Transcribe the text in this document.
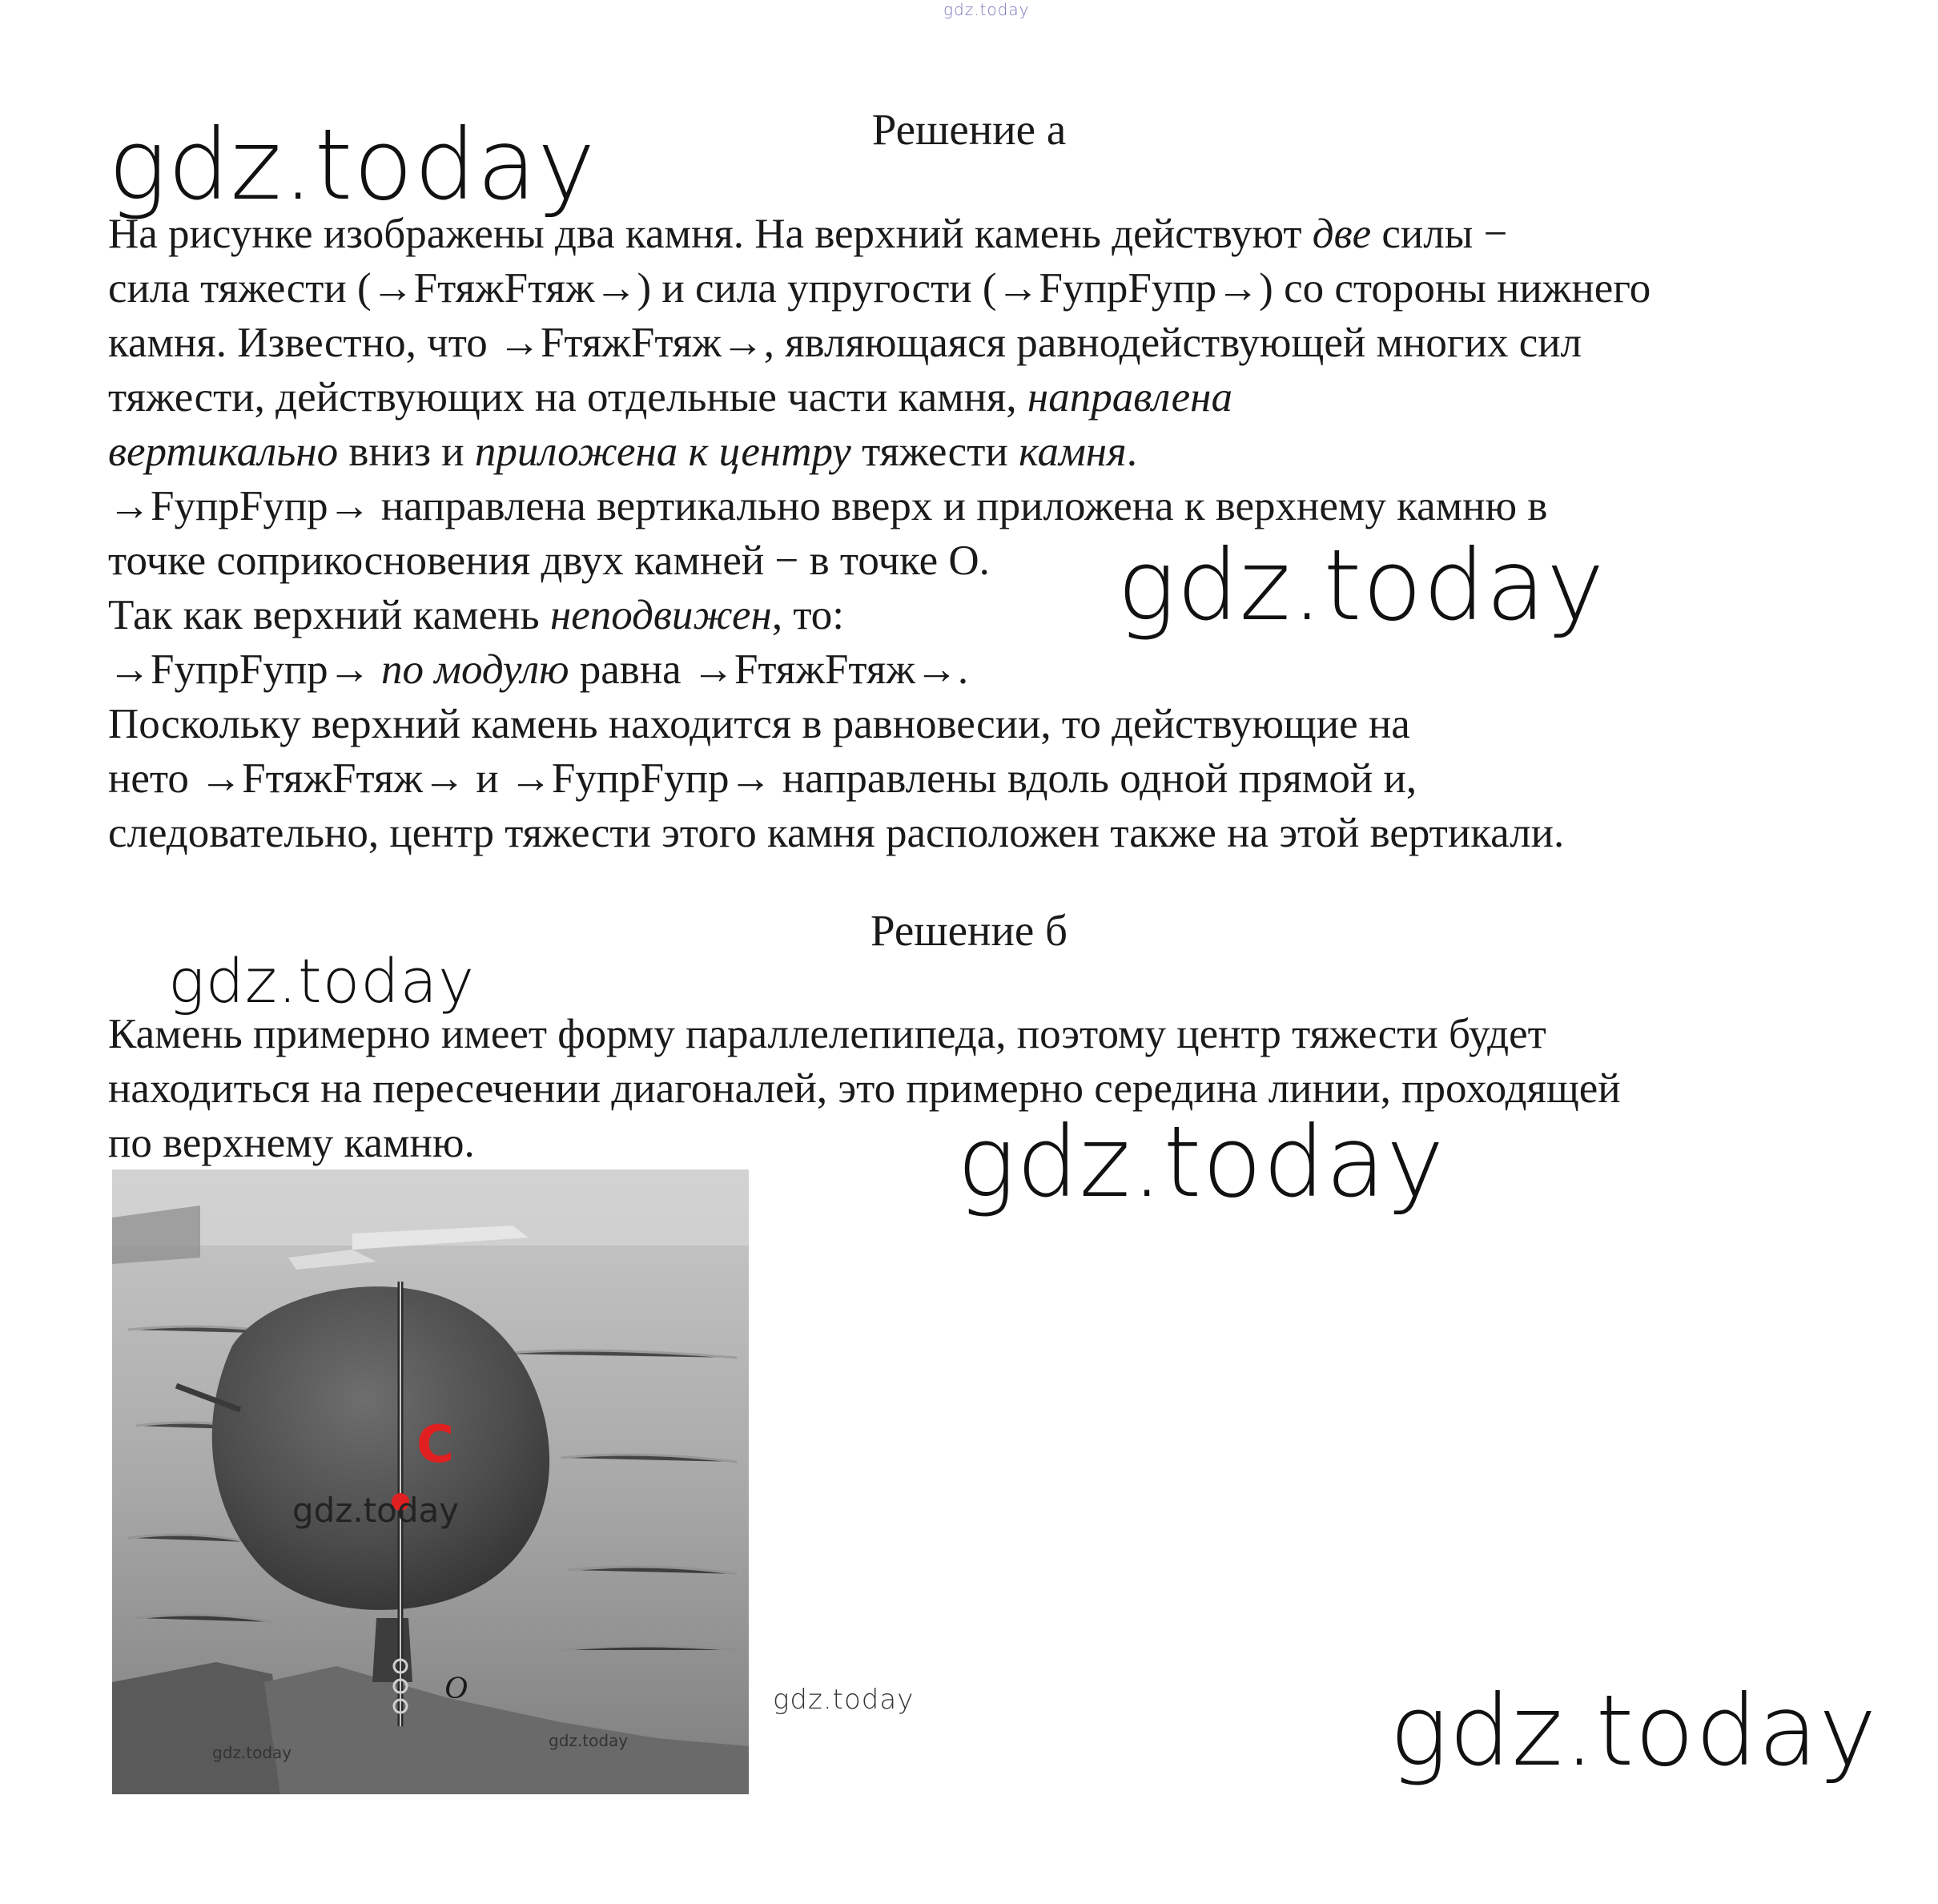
gdz.today
gdz.today
gdz.today
gdz.today
gdz.today
gdz.today
gdz.today
Решение а
На рисунке изображены два камня. На верхний камень действуют две силы −
сила тяжести (→FтяжFтяж→) и сила упругости (→FупрFупр→) со стороны нижнего
камня. Известно, что →FтяжFтяж→, являющаяся равнодействующей многих сил
тяжести, действующих на отдельные части камня, направлена
вертикально вниз и приложена к центру тяжести камня.
→FупрFупр→ направлена вертикально вверх и приложена к верхнему камню в
точке соприкосновения двух камней − в точке О.
Так как верхний камень неподвижен, то:
→FупрFупр→ по модулю равна →FтяжFтяж→.
Поскольку верхний камень находится в равновесии, то действующие на
нето →FтяжFтяж→ и →FупрFупр→ направлены вдоль одной прямой и,
следовательно, центр тяжести этого камня расположен также на этой вертикали.
Решение б
Камень примерно имеет форму параллелепипеда, поэтому центр тяжести будет
находиться на пересечении диагоналей, это примерно середина линии, проходящей
по верхнему камню.
C
O
gdz.today
gdz.today
gdz.today
